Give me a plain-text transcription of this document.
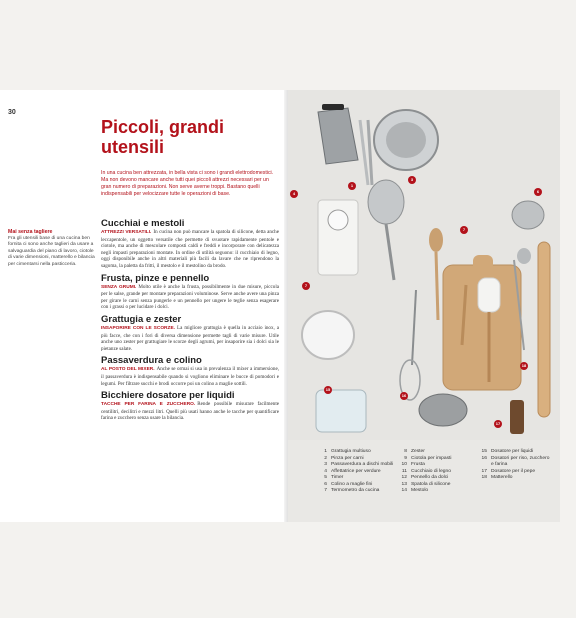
30
Piccoli, grandi
utensili
In una cucina ben attrezzata, in bella vista ci sono i grandi elettrodomestici. Ma non devono mancare anche tutti quei piccoli attrezzi necessari per un gran numero di preparazioni. Non serve averne troppi. Bastano quelli indispensabili per velocizzare tutte le operazioni di base.
Mai senza tagliere
Fra gli utensili base di una cucina ben fornita ci sono anche taglieri da usare a salvaguardia del piano di lavoro, ciotole di varie dimensioni, matterello e bilancia per cimentarsi nella pasticceria.
Cucchiai e mestoli

ATTREZZI VERSATILI. In cucina non può mancare la spatola di silicone, detta anche leccapentole, un oggetto versatile che permette di svuotare rapidamente pentole e ciotole, ma anche di mescolare composti caldi e freddi e incorporare con delicatezza negli impasti preparazioni montate. In ordine di utilità seguono: il cucchiaio di legno, oggi disponibile anche in altri materiali più facili da lavare che ne riprendono la sagoma, la paletta da fritti, il mestolo e il mestolino da brodo.

Frusta, pinze e pennello

SENZA GRUMI. Molto utile è anche la frusta, possibilmente in due misure, piccola per le salse, grande per montare preparazioni voluminose. Serve anche avere una pinza per girare le carni senza pungerle e un pennello per ungere le teglie senza esagerare con i grassi o per lucidare i dolci.

Grattugia e zester

INSAPORIRE CON LE SCORZE. La migliore grattugia è quella in acciaio inox, a più facce, che con i fori di diversa dimensione permette tagli di varie misure. Utile anche uno zester per grattugiare le scorze degli agrumi, per insaporire sia i dolci sia le pietanze salate.

Passaverdura e colino

AL POSTO DEL MIXER. Anche se ormai si usa in prevalenza il mixer a immersione, il passaverdura è indispensabile quando si vogliono eliminare le bucce di pomodori e legumi. Per filtrare succhi e brodi occorre poi un colino a maglie sottili.

Bicchiere dosatore per liquidi

TACCHE PER FARINA E ZUCCHERO. Rende possibile misurare facilmente centilitri, decilitri e mezzi litri. Quelli più usati hanno anche le tacche per quantificare farina e zucchero senza usare la bilancia.

4
3
1
6
7
7
18
17
15
16
1 Grattugia multiuso
2 Pinza per carni
3 Passaverdura a dischi mobili
4 Affettatrice per verdure
5 Timer
6 Colino a maglie fini
7 Termometro da cucina
8 Zester
9 Ciotola per impasti
10 Frusta
11 Cucchiaio di legno
12 Pennello da dolci
13 Spatola di silicone
14 Mestolo
15 Dosatore per liquidi
16 Dosatori per riso, zucchero
e farina
17 Dosatore per il pepe
18 Matterello
